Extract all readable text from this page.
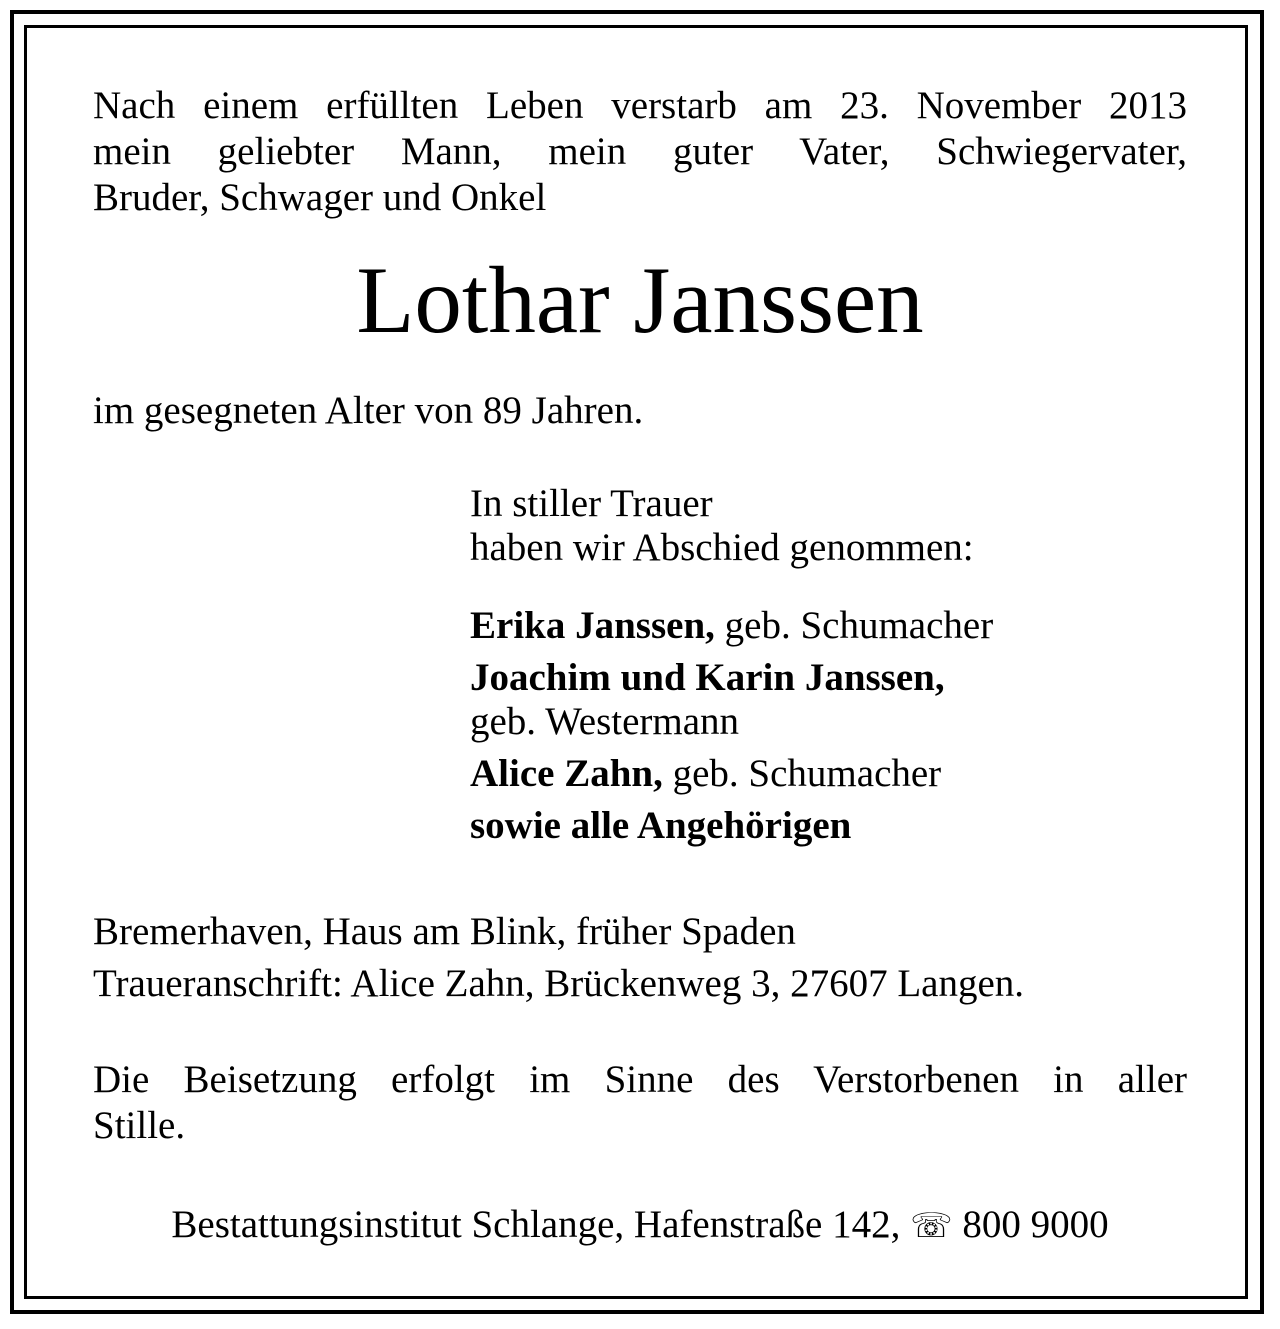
Nach einem erfüllten Leben verstarb am 23. November 2013
mein geliebter Mann, mein guter Vater, Schwiegervater,
Bruder, Schwager und Onkel
Lothar Janssen
im gesegneten Alter von 89 Jahren.
In stiller Trauer
haben wir Abschied genommen:
Erika Janssen, geb. Schumacher
Joachim und Karin Janssen,
geb. Westermann
Alice Zahn, geb. Schumacher
sowie alle Angehörigen
Bremerhaven, Haus am Blink, früher Spaden
Traueranschrift: Alice Zahn, Brückenweg 3, 27607 Langen.
Die Beisetzung erfolgt im Sinne des Verstorbenen in aller
Stille.
Bestattungsinstitut Schlange, Hafenstraße 142, ☏ 800 9000
